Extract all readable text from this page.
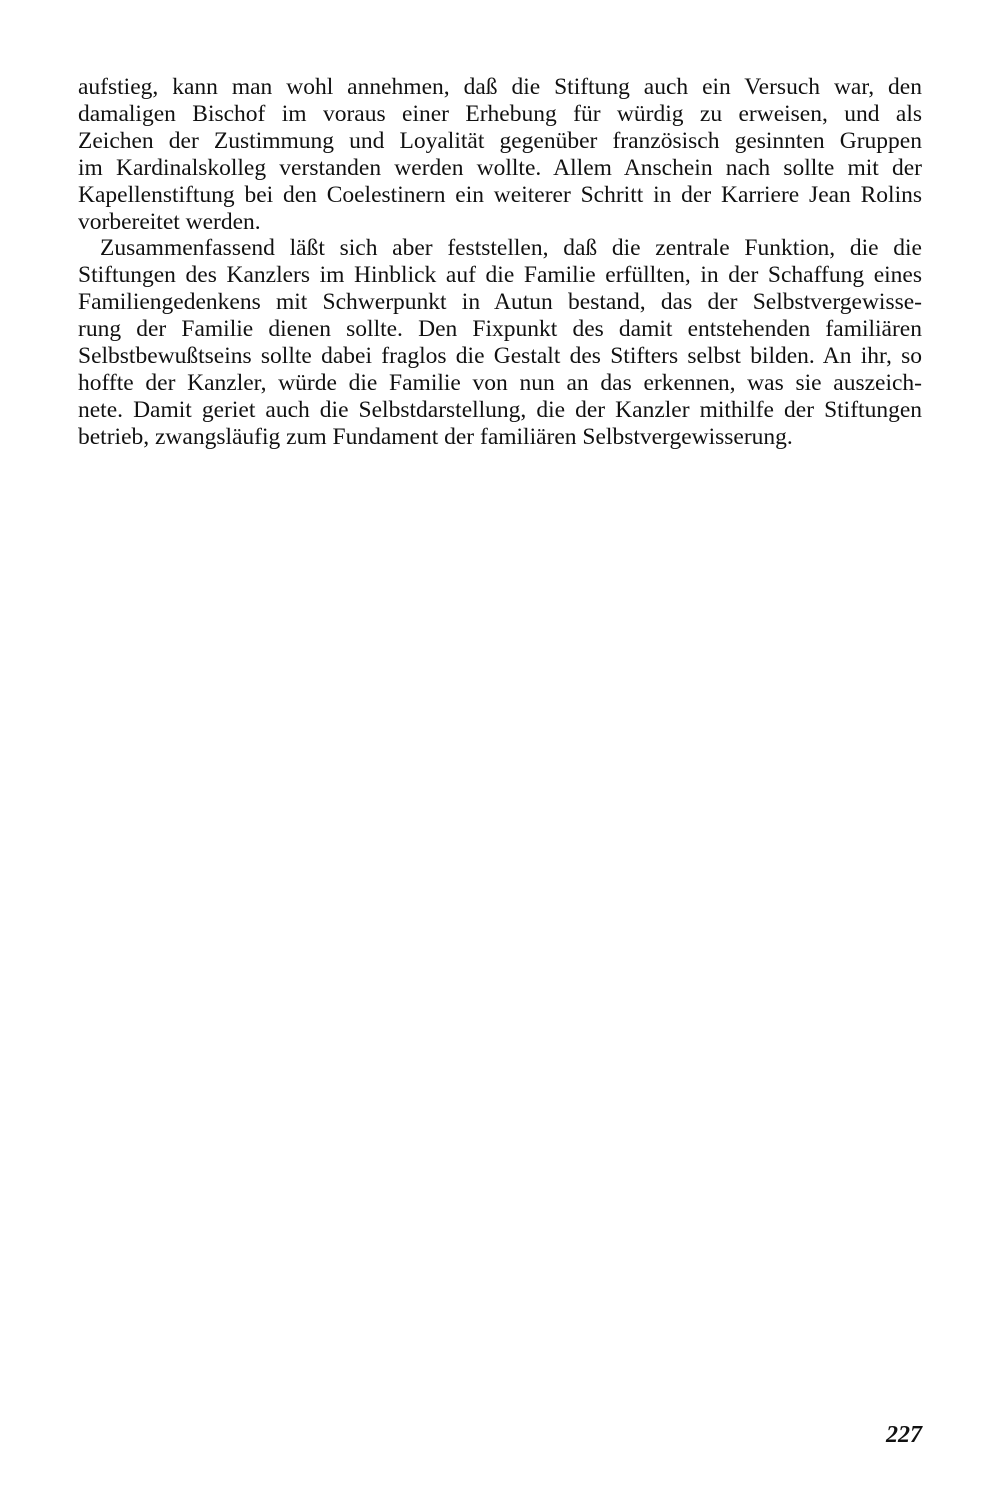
aufstieg, kann man wohl annehmen, daß die Stiftung auch ein Versuch war, den
damaligen Bischof im voraus einer Erhebung für würdig zu erweisen, und als
Zeichen der Zustimmung und Loyalität gegenüber französisch gesinnten Gruppen
im Kardinalskolleg verstanden werden wollte. Allem Anschein nach sollte mit der
Kapellenstiftung bei den Coelestinern ein weiterer Schritt in der Karriere Jean Rolins
vorbereitet werden.
Zusammenfassend läßt sich aber feststellen, daß die zentrale Funktion, die die
Stiftungen des Kanzlers im Hinblick auf die Familie erfüllten, in der Schaffung eines
Familiengedenkens mit Schwerpunkt in Autun bestand, das der Selbstvergewisse-
rung der Familie dienen sollte. Den Fixpunkt des damit entstehenden familiären
Selbstbewußtseins sollte dabei fraglos die Gestalt des Stifters selbst bilden. An ihr, so
hoffte der Kanzler, würde die Familie von nun an das erkennen, was sie auszeich-
nete. Damit geriet auch die Selbstdarstellung, die der Kanzler mithilfe der Stiftungen
betrieb, zwangsläufig zum Fundament der familiären Selbstvergewisserung.
227
